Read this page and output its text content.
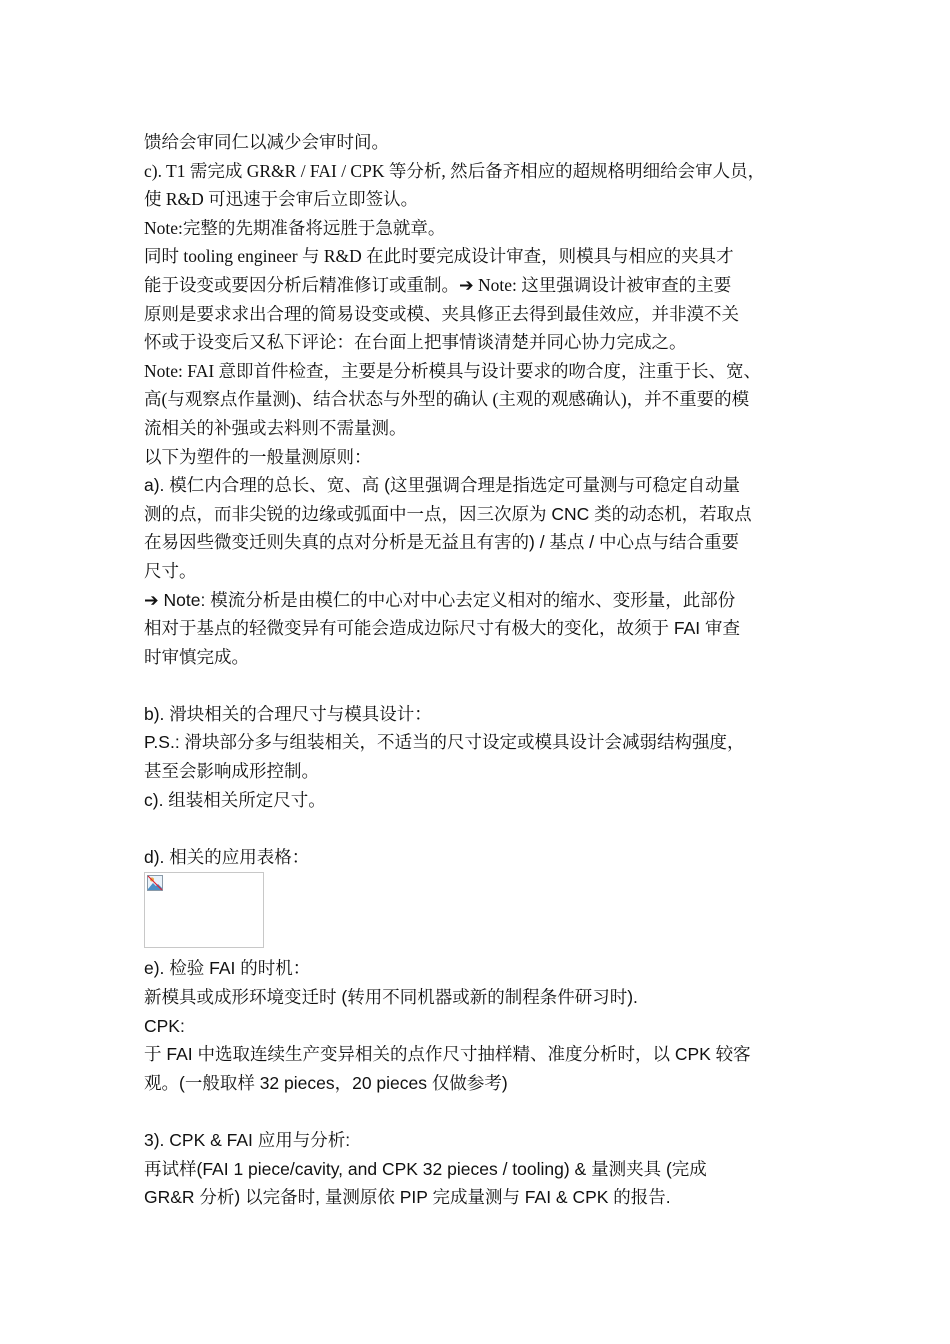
馈给会审同仁以减少会审时间。
c). T1 需完成 GR&R / FAI / CPK 等分析, 然后备齐相应的超规格明细给会审人员，
使 R&D 可迅速于会审后立即签认。
Note:完整的先期准备将远胜于急就章。
同时 tooling engineer 与 R&D 在此时要完成设计审查，则模具与相应的夹具才
能于设变或要因分析后精准修订或重制。➔ Note: 这里强调设计被审查的主要
原则是要求求出合理的简易设变或模、夹具修正去得到最佳效应，并非漠不关
怀或于设变后又私下评论：在台面上把事情谈清楚并同心协力完成之。
Note: FAI 意即首件检查，主要是分析模具与设计要求的吻合度，注重于长、宽、
高(与观察点作量测)、结合状态与外型的确认 (主观的观感确认)，并不重要的模
流相关的补强或去料则不需量测。
以下为塑件的一般量测原则：
a). 模仁内合理的总长、宽、高 (这里强调合理是指选定可量测与可稳定自动量
测的点，而非尖锐的边缘或弧面中一点，因三次原为 CNC 类的动态机，若取点
在易因些微变迁则失真的点对分析是无益且有害的) / 基点 / 中心点与结合重要
尺寸。
➔ Note: 模流分析是由模仁的中心对中心去定义相对的缩水、变形量，此部份
相对于基点的轻微变异有可能会造成边际尺寸有极大的变化，故须于 FAI 审查
时审慎完成。
b). 滑块相关的合理尺寸与模具设计：
P.S.: 滑块部分多与组装相关，不适当的尺寸设定或模具设计会减弱结构强度，
甚至会影响成形控制。
c). 组装相关所定尺寸。
d). 相关的应用表格：
e). 检验 FAI 的时机：
新模具或成形环境变迁时 (转用不同机器或新的制程条件研习时).
CPK:
于 FAI 中选取连续生产变异相关的点作尺寸抽样精、准度分析时，以 CPK 较客
观。(一般取样 32 pieces，20 pieces 仅做参考)
3). CPK & FAI 应用与分析:
再试样(FAI 1 piece/cavity, and CPK 32 pieces / tooling) & 量测夹具 (完成
GR&R 分析) 以完备时, 量测原依 PIP 完成量测与 FAI & CPK 的报告.
